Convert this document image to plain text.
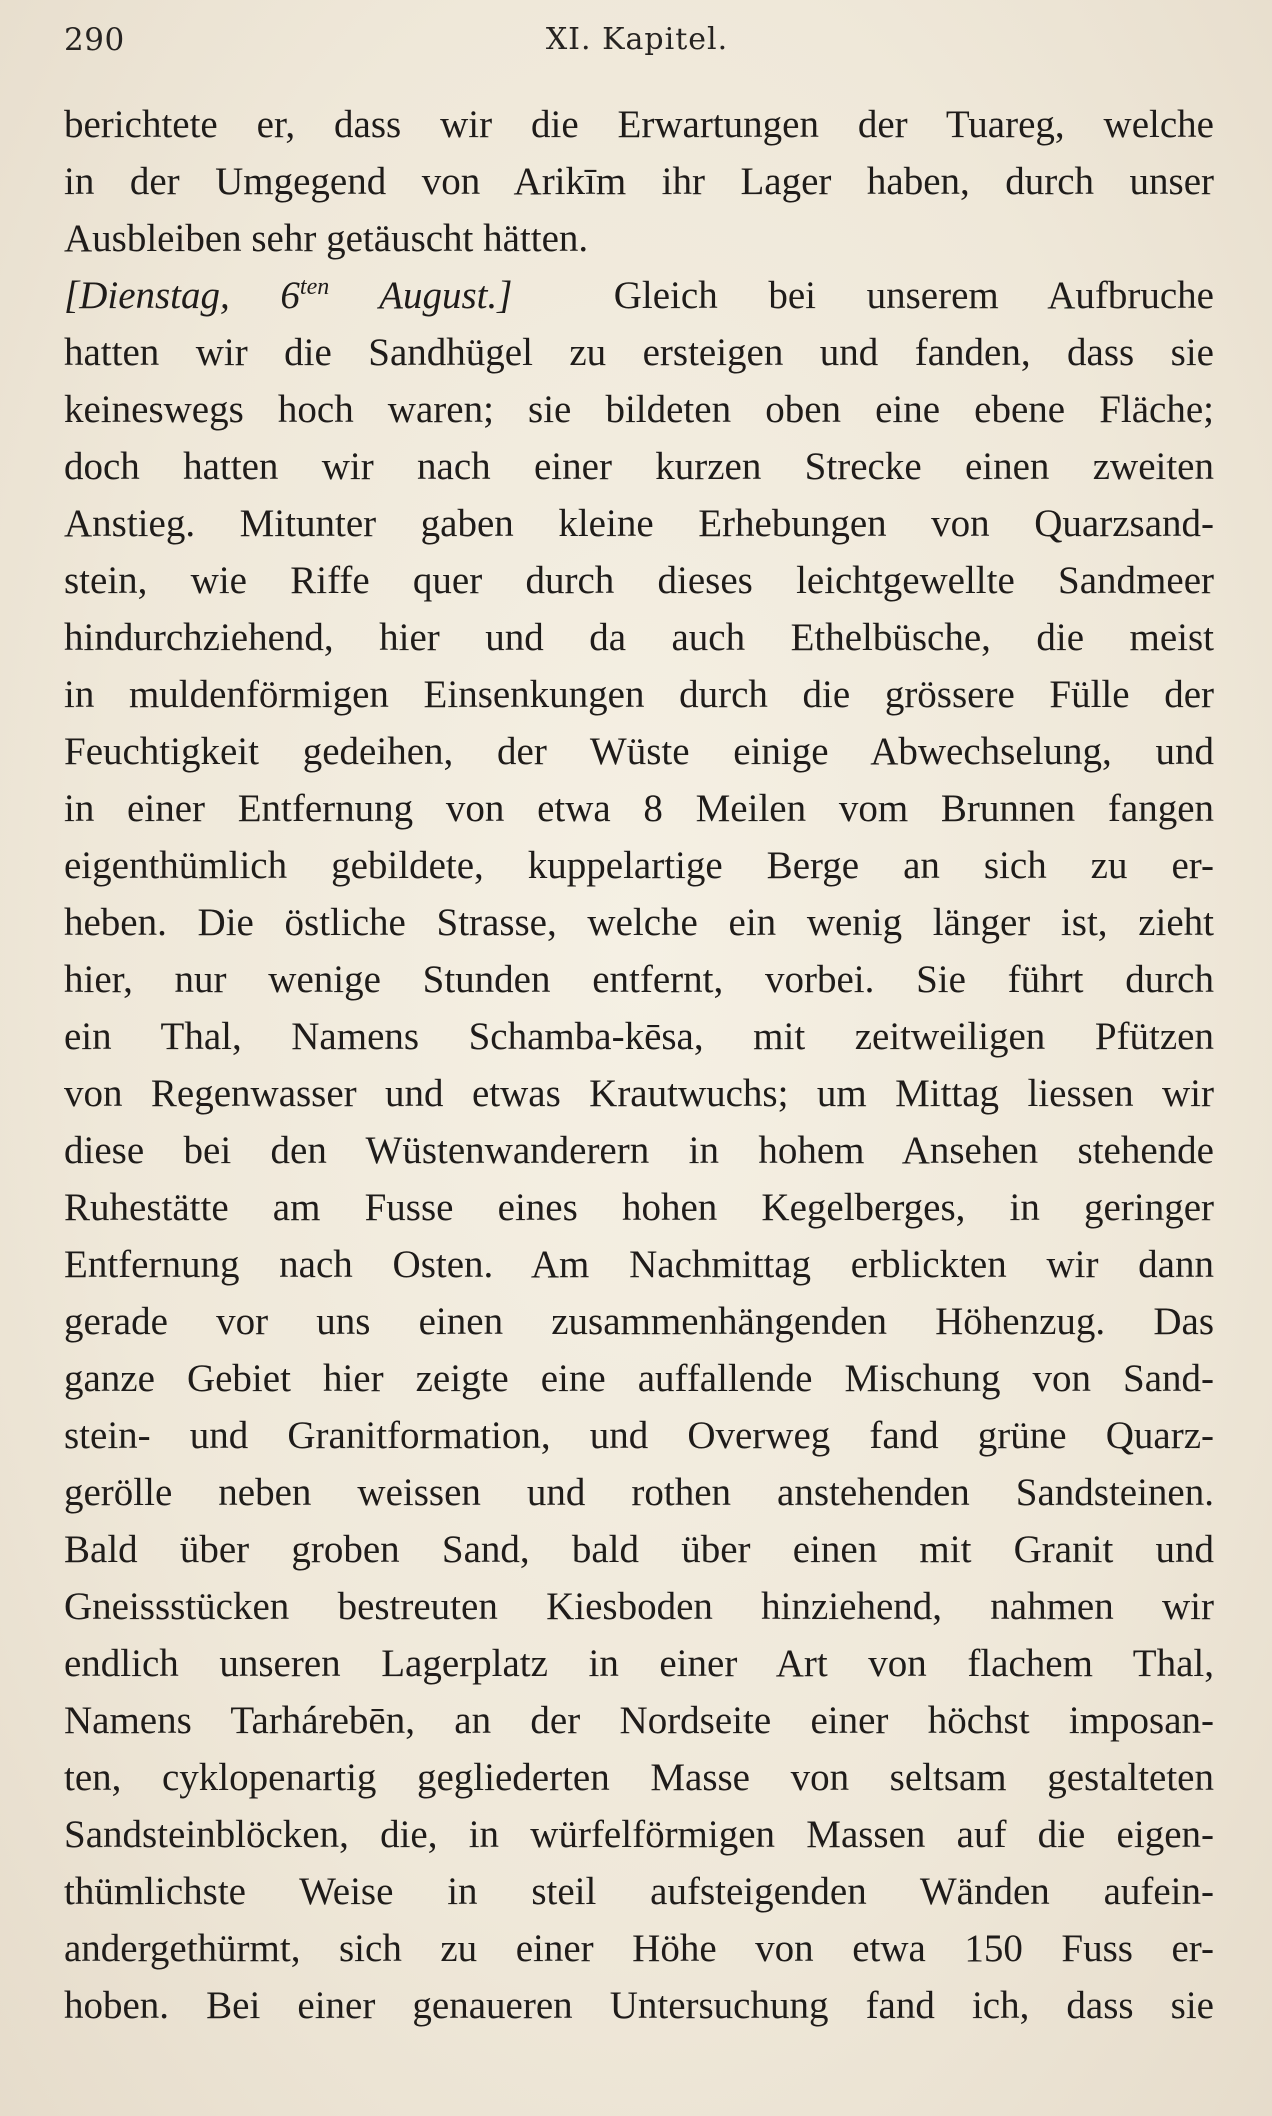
290	XI. Kapitel.
berichtete er, dass wir die Erwartungen der Tuareg, welche
in der Umgegend von Arikīm ihr Lager haben, durch unser
Ausbleiben sehr getäuscht hätten.
[Dienstag, $6^{ten}$ August.]	Gleich bei unserem Aufbruche
hatten wir die Sandhügel zu ersteigen und fanden, dass sie
keineswegs hoch waren; sie bildeten oben eine ebene Fläche;
doch hatten wir nach einer kurzen Strecke einen zweiten
Anstieg. Mitunter gaben kleine Erhebungen von Quarzsand-
stein, wie Riffe quer durch dieses leichtgewellte Sandmeer
hindurchziehend, hier und da auch Ethelbüsche, die meist
in muldenförmigen Einsenkungen durch die grössere Fülle der
Feuchtigkeit gedeihen, der Wüste einige Abwechselung, und
in einer Entfernung von etwa 8 Meilen vom Brunnen fangen
eigenthümlich gebildete, kuppelartige Berge an sich zu er-
heben. Die östliche Strasse, welche ein wenig länger ist, zieht
hier, nur wenige Stunden entfernt, vorbei. Sie führt durch
ein Thal, Namens Schamba-kēsa, mit zeitweiligen Pfützen
von Regenwasser und etwas Krautwuchs; um Mittag liessen wir
diese bei den Wüstenwanderern in hohem Ansehen stehende
Ruhestätte am Fusse eines hohen Kegelberges, in geringer
Entfernung nach Osten. Am Nachmittag erblickten wir dann
gerade vor uns einen zusammenhängenden Höhenzug. Das
ganze Gebiet hier zeigte eine auffallende Mischung von Sand-
stein- und Granitformation, und Overweg fand grüne Quarz-
gerölle neben weissen und rothen anstehenden Sandsteinen.
Bald über groben Sand, bald über einen mit Granit und
Gneissstücken bestreuten Kiesboden hinziehend, nahmen wir
endlich unseren Lagerplatz in einer Art von flachem Thal,
Namens Tarhárebēn, an der Nordseite einer höchst imposan-
ten, cyklopenartig gegliederten Masse von seltsam gestalteten
Sandsteinblöcken, die, in würfelförmigen Massen auf die eigen-
thümlichste Weise in steil aufsteigenden Wänden aufein-
andergethürmt, sich zu einer Höhe von etwa 150 Fuss er-
hoben. Bei einer genaueren Untersuchung fand ich, dass sie
